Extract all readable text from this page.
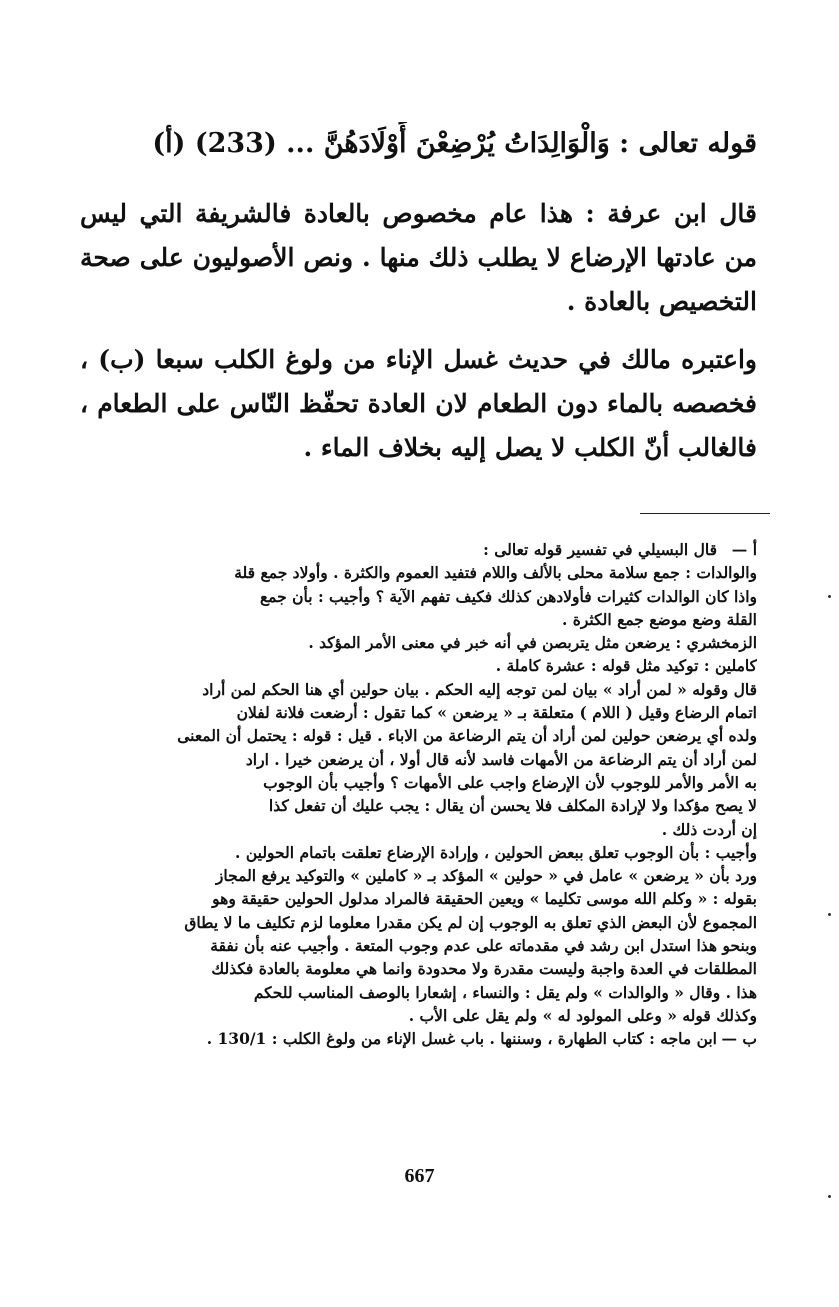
قوله تعالى : وَالْوَالِدَاتُ يُرْضِعْنَ أَوْلَادَهُنَّ ... (233) (أ)
قال ابن عرفة : هذا عام مخصوص بالعادة فالشريفة التي ليس من عادتها الإرضاع لا يطلب ذلك منها . ونص الأصوليون على صحة التخصيص بالعادة .
واعتبره مالك في حديث غسل الإناء من ولوغ الكلب سبعا (ب) ، فخصصه بالماء دون الطعام لان العادة تحفّظ النّاس على الطعام ، فالغالب أنّ الكلب لا يصل إليه بخلاف الماء .
أ —قال البسيلي في تفسير قوله تعالى :
والوالدات : جمع سلامة محلى بالألف واللام فتفيد العموم والكثرة . وأولاد جمع قلة
واذا كان الوالدات كثيرات فأولادهن كذلك فكيف تفهم الآية ؟ وأجيب : بأن جمع
القلة وضع موضع جمع الكثرة .
الزمخشري : يرضعن مثل يتربصن في أنه خبر في معنى الأمر المؤكد .
كاملين : توكيد مثل قوله : عشرة كاملة .
قال وقوله « لمن أراد » بيان لمن توجه إليه الحكم . بيان حولين أي هنا الحكم لمن أراد
اتمام الرضاع وقيل ( اللام ) متعلقة بـ « يرضعن » كما تقول : أرضعت فلانة لفلان
ولده أي يرضعن حولين لمن أراد أن يتم الرضاعة من الاباء . قيل : قوله : يحتمل أن المعنى
لمن أراد أن يتم الرضاعة من الأمهات فاسد لأنه قال أولا ، أن يرضعن خيرا . اراد
به الأمر والأمر للوجوب لأن الإرضاع واجب على الأمهات ؟ وأجيب بأن الوجوب
لا يصح مؤكدا ولا لإرادة المكلف فلا يحسن أن يقال : يجب عليك أن تفعل كذا
إن أردت ذلك .
وأجيب : بأن الوجوب تعلق ببعض الحولين ، وإرادة الإرضاع تعلقت باتمام الحولين .
ورد بأن « يرضعن » عامل في « حولين » المؤكد بـ « كاملين » والتوكيد يرفع المجاز
بقوله : « وكلم الله موسى تكليما » ويعين الحقيقة فالمراد مدلول الحولين حقيقة وهو
المجموع لأن البعض الذي تعلق به الوجوب إن لم يكن مقدرا معلوما لزم تكليف ما لا يطاق
وبنحو هذا استدل ابن رشد في مقدماته على عدم وجوب المتعة . وأجيب عنه بأن نفقة
المطلقات في العدة واجبة وليست مقدرة ولا محدودة وانما هي معلومة بالعادة فكذلك
هذا . وقال « والوالدات » ولم يقل : والنساء ، إشعارا بالوصف المناسب للحكم
وكذلك قوله « وعلى المولود له » ولم يقل على الأب .
ب —ابن ماجه : كتاب الطهارة ، وسننها . باب غسل الإناء من ولوغ الكلب : 130/1 .
667
